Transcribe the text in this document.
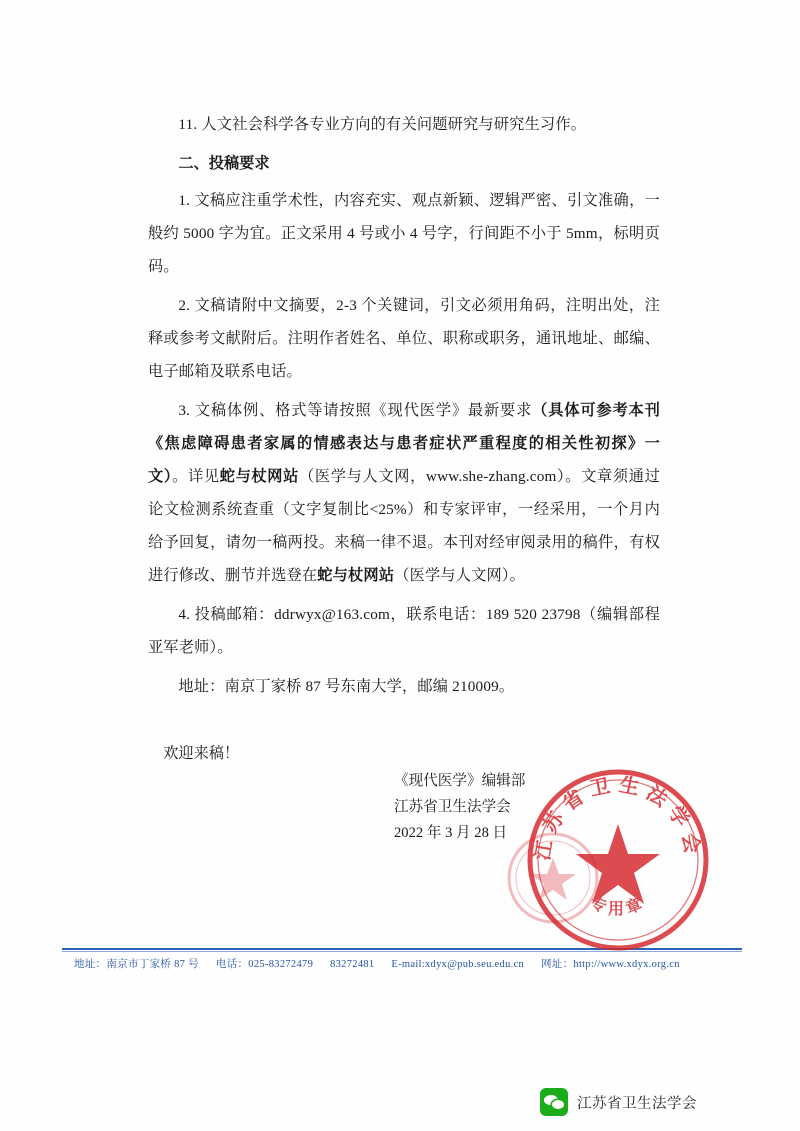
11. 人文社会科学各专业方向的有关问题研究与研究生习作。

二、投稿要求

1. 文稿应注重学术性，内容充实、观点新颖、逻辑严密、引文准确，一般约 5000 字为宜。正文采用 4 号或小 4 号字，行间距不小于 5mm，标明页码。

2. 文稿请附中文摘要，2-3 个关键词，引文必须用角码，注明出处，注释或参考文献附后。注明作者姓名、单位、职称或职务，通讯地址、邮编、电子邮箱及联系电话。

3. 文稿体例、格式等请按照《现代医学》最新要求（具体可参考本刊《焦虑障碍患者家属的情感表达与患者症状严重程度的相关性初探》一文）。详见蛇与杖网站（医学与人文网，www.she-zhang.com）。文章须通过论文检测系统查重（文字复制比<25%）和专家评审，一经采用，一个月内给予回复，请勿一稿两投。来稿一律不退。本刊对经审阅录用的稿件，有权进行修改、删节并选登在蛇与杖网站（医学与人文网）。

4. 投稿邮箱：ddrwyx@163.com，联系电话：189 520 23798（编辑部程亚军老师）。

地址：南京丁家桥 87 号东南大学，邮编 210009。

欢迎来稿！

《现代医学》编辑部
江苏省卫生法学会
2022 年 3 月 28 日	江苏省卫生法学会
专用章
地址：南京市丁家桥 87 号 电话：025-83272479 83272481 E-mail:xdyx@pub.seu.edu.cn 网址：http://www.xdyx.org.cn
江苏省卫生法学会
